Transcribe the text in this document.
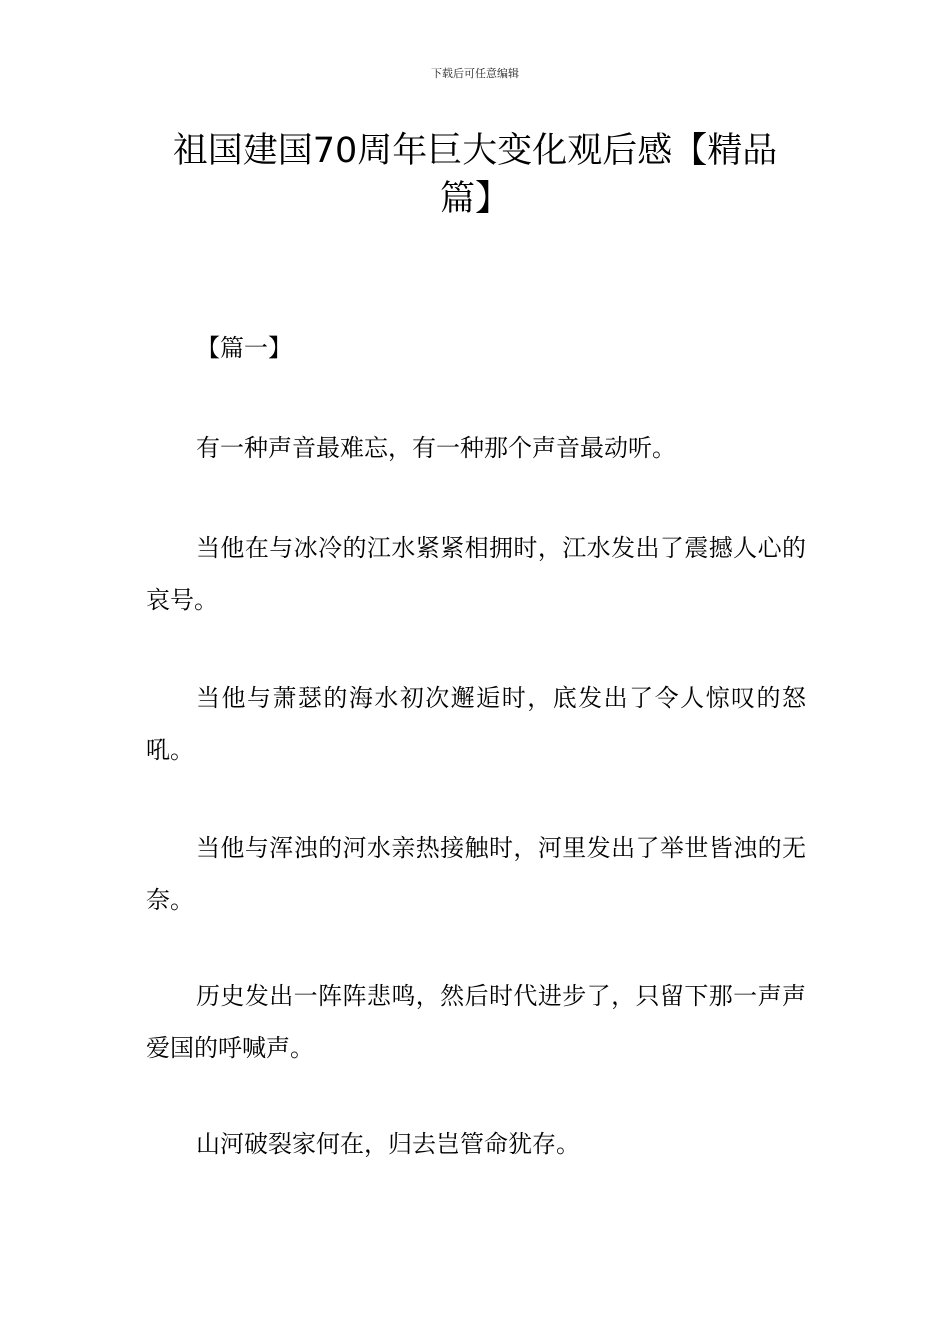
下载后可任意编辑
祖国建国70周年巨大变化观后感【精品篇】
【篇一】

有一种声音最难忘，有一种那个声音最动听。

当他在与冰冷的江水紧紧相拥时，江水发出了震撼人心的哀号。

当他与萧瑟的海水初次邂逅时，底发出了令人惊叹的怒吼。

当他与浑浊的河水亲热接触时，河里发出了举世皆浊的无奈。

历史发出一阵阵悲鸣，然后时代进步了，只留下那一声声爱国的呼喊声。

山河破裂家何在，归去岂管命犹存。
